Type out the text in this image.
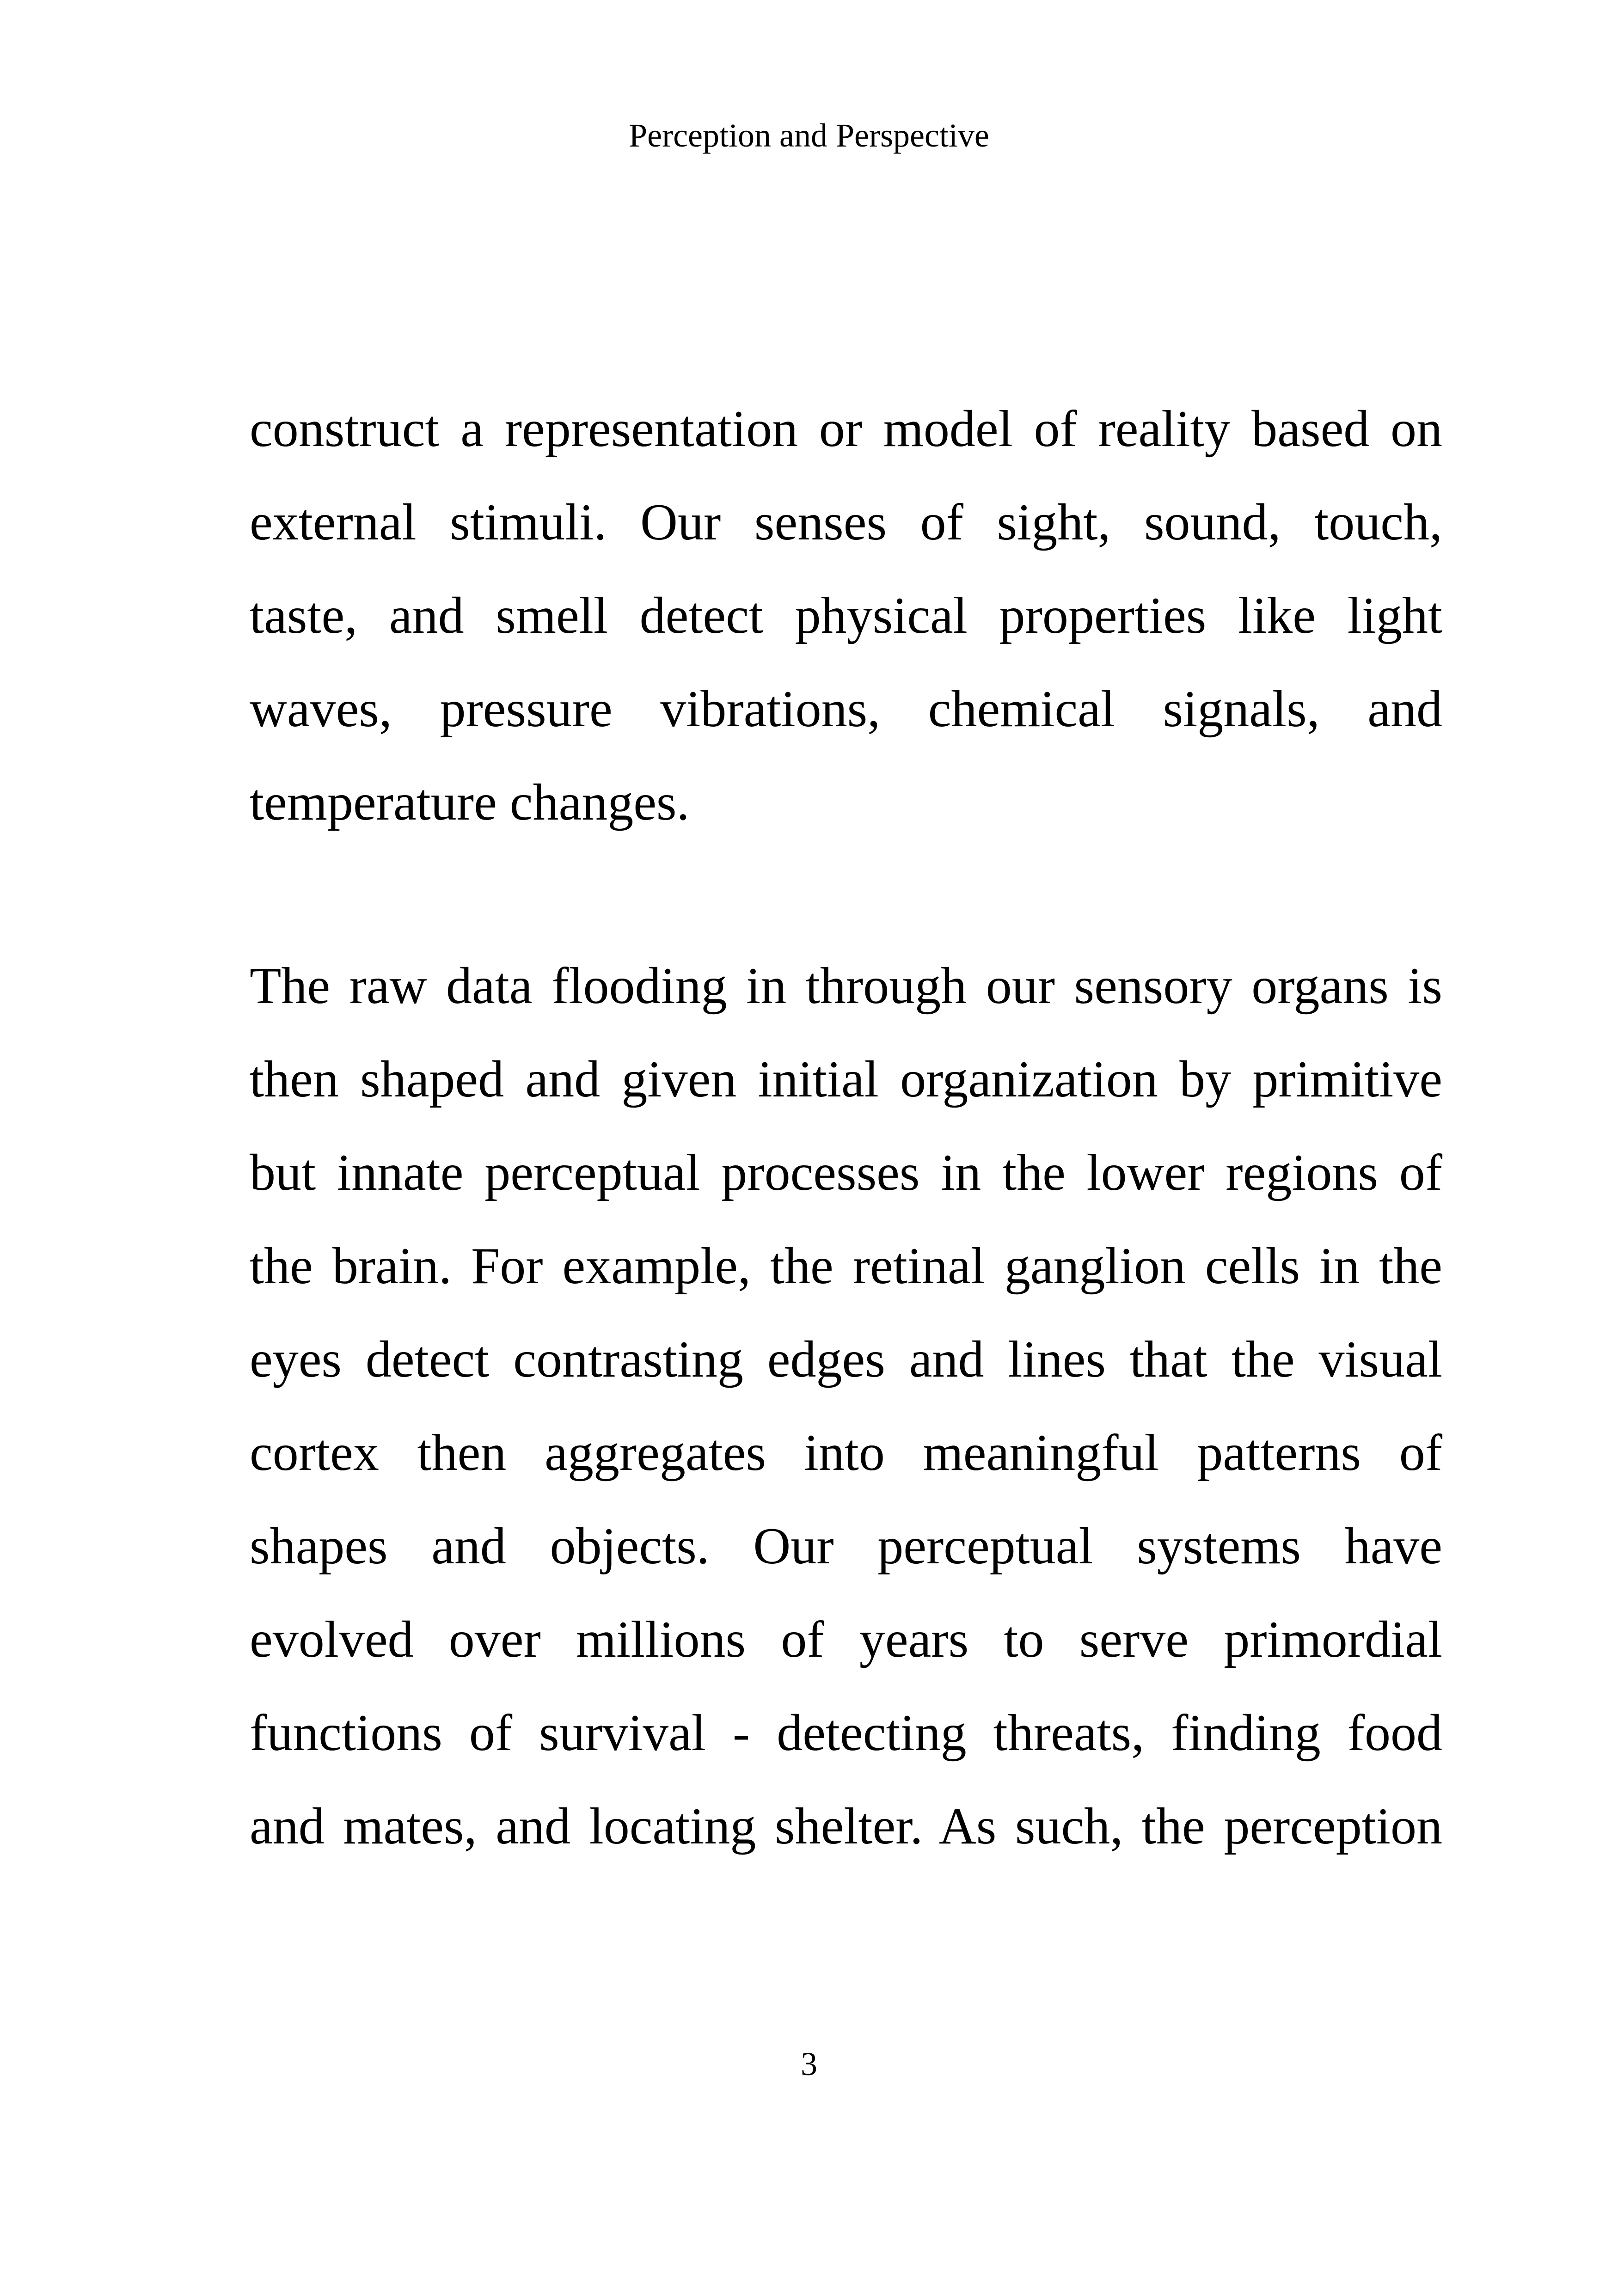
Perception and Perspective

construct a representation or model of reality based on
external stimuli. Our senses of sight, sound, touch,
taste, and smell detect physical properties like light
waves, pressure vibrations, chemical signals, and
temperature changes.

The raw data flooding in through our sensory organs is
then shaped and given initial organization by primitive
but innate perceptual processes in the lower regions of
the brain. For example, the retinal ganglion cells in the
eyes detect contrasting edges and lines that the visual
cortex then aggregates into meaningful patterns of
shapes and objects. Our perceptual systems have
evolved over millions of years to serve primordial
functions of survival - detecting threats, finding food
and mates, and locating shelter. As such, the perception

3
